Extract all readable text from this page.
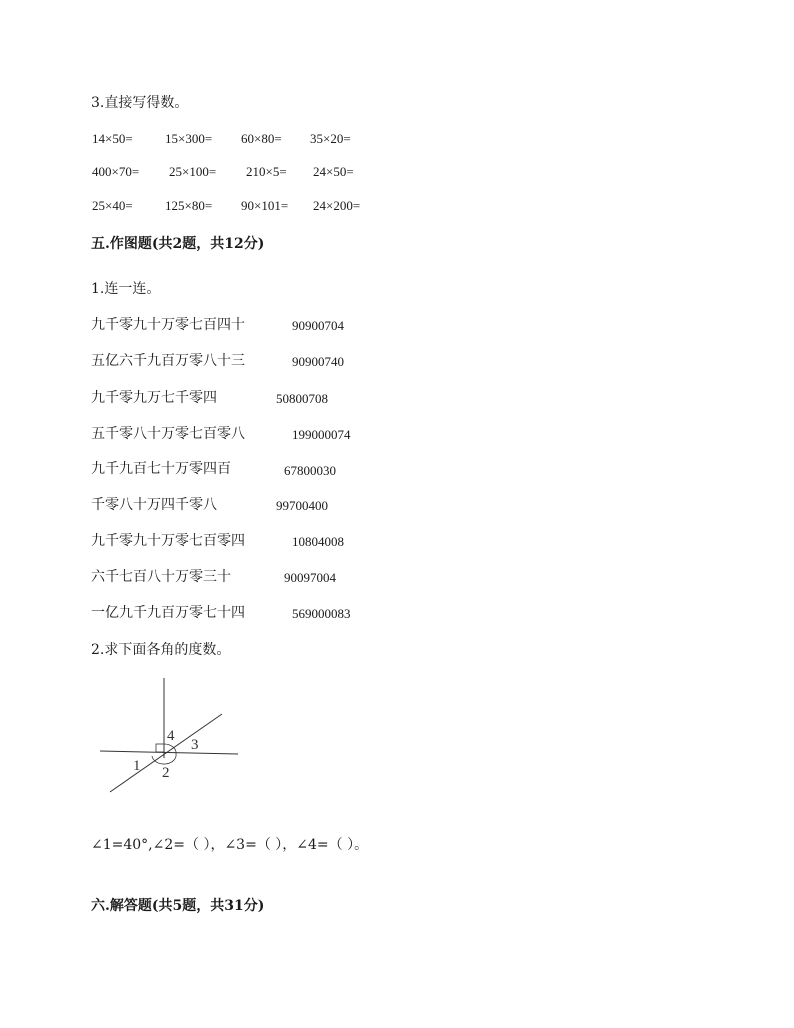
3.直接写得数。
14×50= 15×300= 60×80= 35×20=
400×70= 25×100= 210×5= 24×50=
25×40= 125×80= 90×101= 24×200=
五.作图题(共2题，共12分)
1.连一连。
九千零九十万零七百四十	90900704
五亿六千九百万零八十三	90900740
九千零九万七千零四	50800708
五千零八十万零七百零八	199000074
九千九百七十万零四百	67800030
千零八十万四千零八	99700400
九千零九十万零七百零四	10804008
六千七百八十万零三十	90097004
一亿九千九百万零七十四	569000083
2.求下面各角的度数。
1 2
3
4
∠1=40°,∠2=（ ），∠3=（ ），∠4=（ ）。
六.解答题(共5题，共31分)
